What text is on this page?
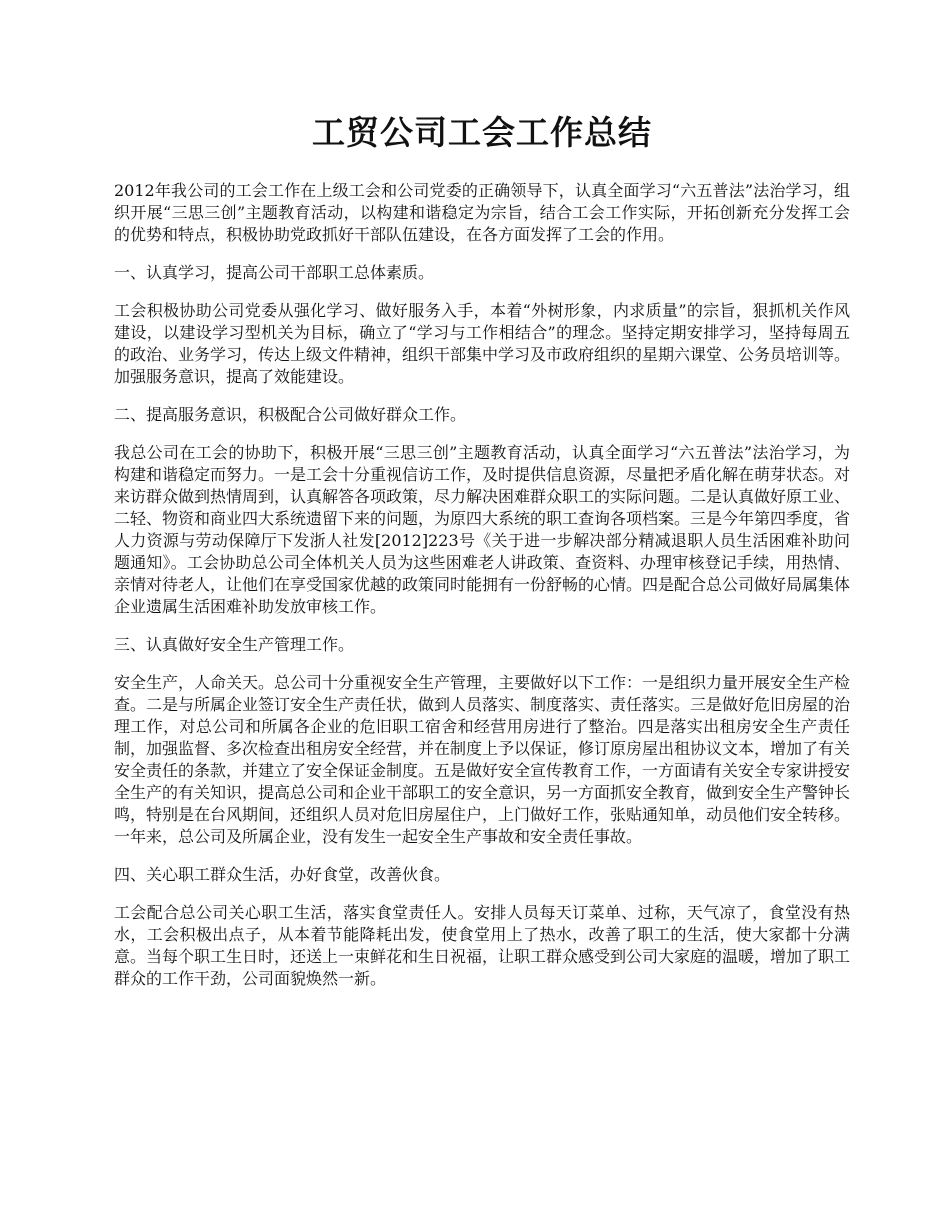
工贸公司工会工作总结

2012年我公司的工会工作在上级工会和公司党委的正确领导下，认真全面学习“六五普法”法治学习，组织开展“三思三创”主题教育活动，以构建和谐稳定为宗旨，结合工会工作实际，开拓创新充分发挥工会的优势和特点，积极协助党政抓好干部队伍建设，在各方面发挥了工会的作用。

一、认真学习，提高公司干部职工总体素质。

工会积极协助公司党委从强化学习、做好服务入手，本着“外树形象，内求质量”的宗旨，狠抓机关作风建设，以建设学习型机关为目标，确立了“学习与工作相结合”的理念。坚持定期安排学习，坚持每周五的政治、业务学习，传达上级文件精神，组织干部集中学习及市政府组织的星期六课堂、公务员培训等。加强服务意识，提高了效能建设。

二、提高服务意识，积极配合公司做好群众工作。

我总公司在工会的协助下，积极开展“三思三创”主题教育活动，认真全面学习“六五普法”法治学习，为构建和谐稳定而努力。一是工会十分重视信访工作，及时提供信息资源，尽量把矛盾化解在萌芽状态。对来访群众做到热情周到，认真解答各项政策，尽力解决困难群众职工的实际问题。二是认真做好原工业、二轻、物资和商业四大系统遗留下来的问题，为原四大系统的职工查询各项档案。三是今年第四季度，省人力资源与劳动保障厅下发浙人社发[2012]223号《关于进一步解决部分精减退职人员生活困难补助问题通知》。工会协助总公司全体机关人员为这些困难老人讲政策、查资料、办理审核登记手续，用热情、亲情对待老人，让他们在享受国家优越的政策同时能拥有一份舒畅的心情。四是配合总公司做好局属集体企业遗属生活困难补助发放审核工作。

三、认真做好安全生产管理工作。

安全生产，人命关天。总公司十分重视安全生产管理，主要做好以下工作：一是组织力量开展安全生产检查。二是与所属企业签订安全生产责任状，做到人员落实、制度落实、责任落实。三是做好危旧房屋的治理工作，对总公司和所属各企业的危旧职工宿舍和经营用房进行了整治。四是落实出租房安全生产责任制，加强监督、多次检查出租房安全经营，并在制度上予以保证，修订原房屋出租协议文本，增加了有关安全责任的条款，并建立了安全保证金制度。五是做好安全宣传教育工作，一方面请有关安全专家讲授安全生产的有关知识，提高总公司和企业干部职工的安全意识，另一方面抓安全教育，做到安全生产警钟长鸣，特别是在台风期间，还组织人员对危旧房屋住户，上门做好工作，张贴通知单，动员他们安全转移。一年来，总公司及所属企业，没有发生一起安全生产事故和安全责任事故。

四、关心职工群众生活，办好食堂，改善伙食。

工会配合总公司关心职工生活，落实食堂责任人。安排人员每天订菜单、过称，天气凉了，食堂没有热水，工会积极出点子，从本着节能降耗出发，使食堂用上了热水，改善了职工的生活，使大家都十分满意。当每个职工生日时，还送上一束鲜花和生日祝福，让职工群众感受到公司大家庭的温暖，增加了职工群众的工作干劲，公司面貌焕然一新。
